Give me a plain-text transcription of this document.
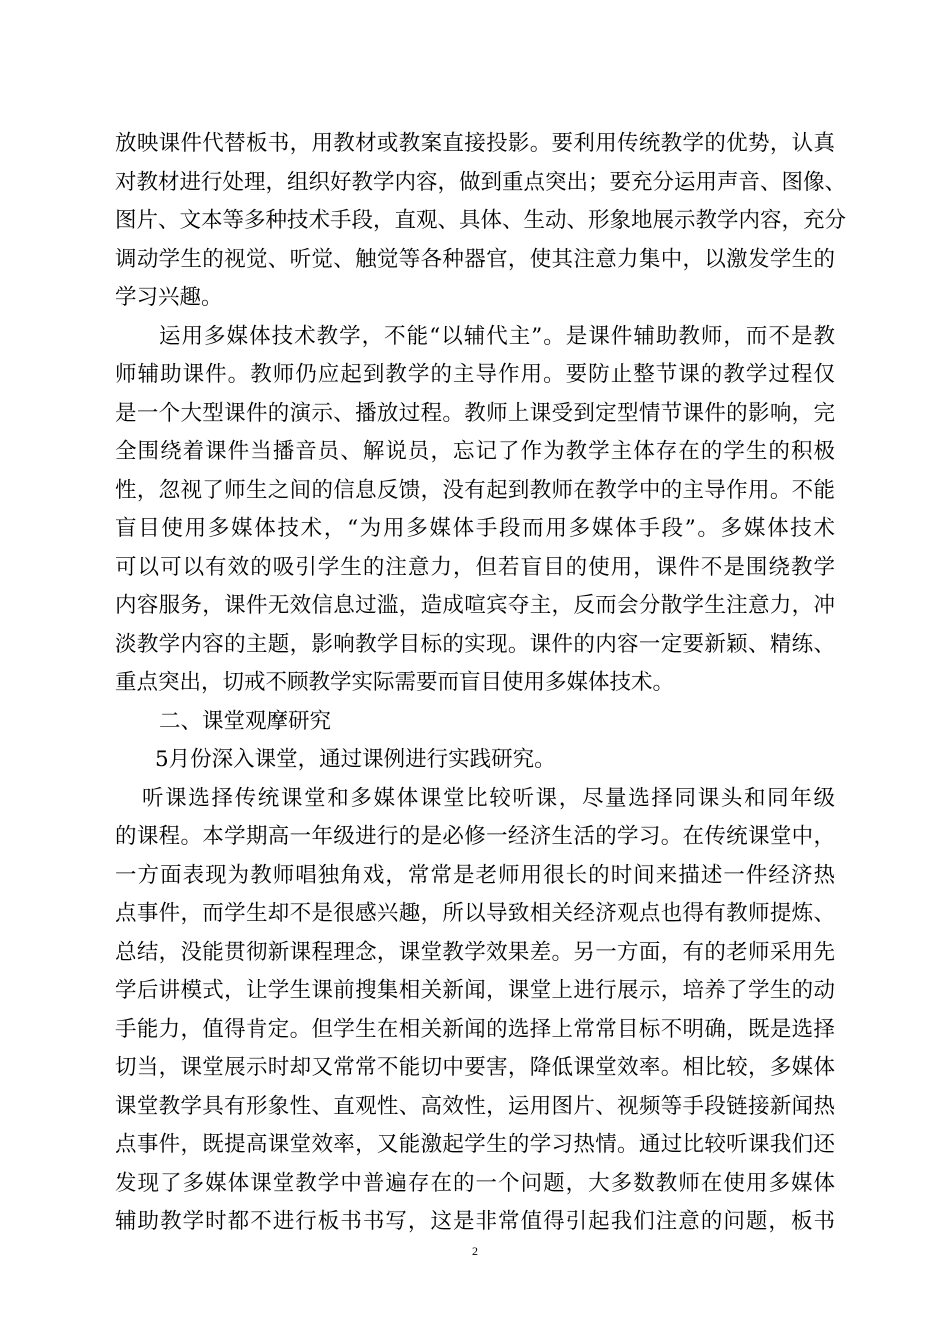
放映课件代替板书，用教材或教案直接投影。要利用传统教学的优势，认真
对教材进行处理，组织好教学内容，做到重点突出；要充分运用声音、图像、
图片、文本等多种技术手段，直观、具体、生动、形象地展示教学内容，充分
调动学生的视觉、听觉、触觉等各种器官，使其注意力集中，以激发学生的
学习兴趣。
运用多媒体技术教学，不能“以辅代主”。是课件辅助教师，而不是教
师辅助课件。教师仍应起到教学的主导作用。要防止整节课的教学过程仅
是一个大型课件的演示、播放过程。教师上课受到定型情节课件的影响，完
全围绕着课件当播音员、解说员，忘记了作为教学主体存在的学生的积极
性，忽视了师生之间的信息反馈，没有起到教师在教学中的主导作用。不能
盲目使用多媒体技术，“为用多媒体手段而用多媒体手段”。多媒体技术
可以可以有效的吸引学生的注意力，但若盲目的使用，课件不是围绕教学
内容服务，课件无效信息过滥，造成喧宾夺主，反而会分散学生注意力，冲
淡教学内容的主题，影响教学目标的实现。课件的内容一定要新颖、精练、
重点突出，切戒不顾教学实际需要而盲目使用多媒体技术。
二、课堂观摩研究
5月份深入课堂，通过课例进行实践研究。
听课选择传统课堂和多媒体课堂比较听课，尽量选择同课头和同年级
的课程。本学期高一年级进行的是必修一经济生活的学习。在传统课堂中，
一方面表现为教师唱独角戏，常常是老师用很长的时间来描述一件经济热
点事件，而学生却不是很感兴趣，所以导致相关经济观点也得有教师提炼、
总结，没能贯彻新课程理念，课堂教学效果差。另一方面，有的老师采用先
学后讲模式，让学生课前搜集相关新闻，课堂上进行展示，培养了学生的动
手能力，值得肯定。但学生在相关新闻的选择上常常目标不明确，既是选择
切当，课堂展示时却又常常不能切中要害，降低课堂效率。相比较，多媒体
课堂教学具有形象性、直观性、高效性，运用图片、视频等手段链接新闻热
点事件，既提高课堂效率，又能激起学生的学习热情。通过比较听课我们还
发现了多媒体课堂教学中普遍存在的一个问题，大多数教师在使用多媒体
辅助教学时都不进行板书书写，这是非常值得引起我们注意的问题，板书
2
